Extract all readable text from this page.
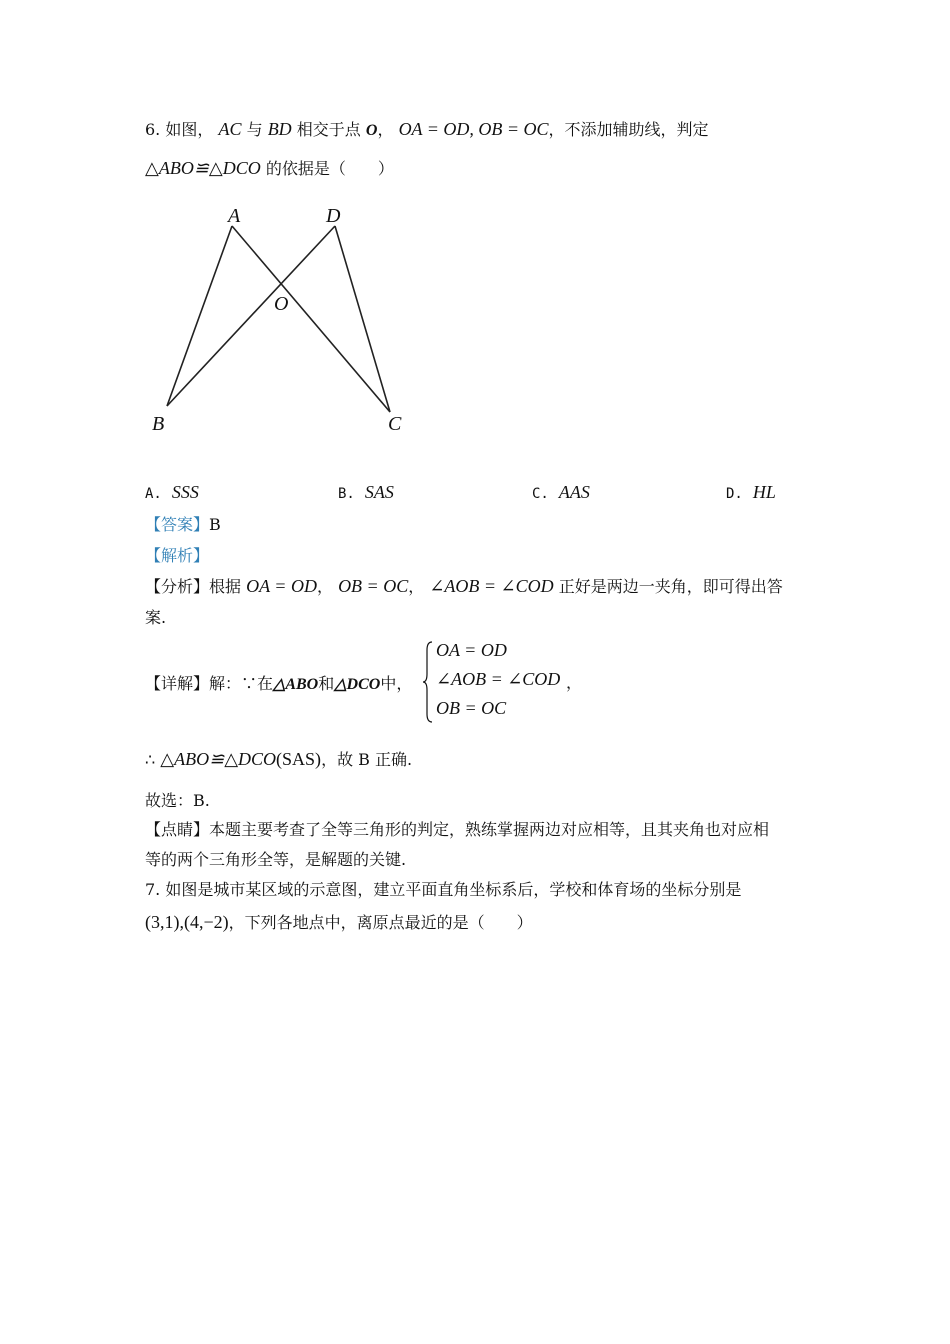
6. 如图， AC 与 BD 相交于点 O， OA = OD, OB = OC，不添加辅助线，判定
△ABO≌△DCO 的依据是（　　）
A	D
O
B	C
A. SSS	B. SAS	C. AAS	D. HL
【答案】B
【解析】
【分析】根据 OA = OD， OB = OC， ∠AOB = ∠COD 正好是两边一夹角，即可得出答
案.
【详解】解：∵在△ABO和△DCO中，
OA = OD
∠AOB = ∠COD
OB = OC
，
∴ △ABO≌△DCO(SAS)，故 B 正确.
故选：B.
【点睛】本题主要考查了全等三角形的判定，熟练掌握两边对应相等，且其夹角也对应相
等的两个三角形全等，是解题的关键.
7. 如图是城市某区域的示意图，建立平面直角坐标系后，学校和体育场的坐标分别是
(3,1),(4,−2)，下列各地点中，离原点最近的是（　　）
